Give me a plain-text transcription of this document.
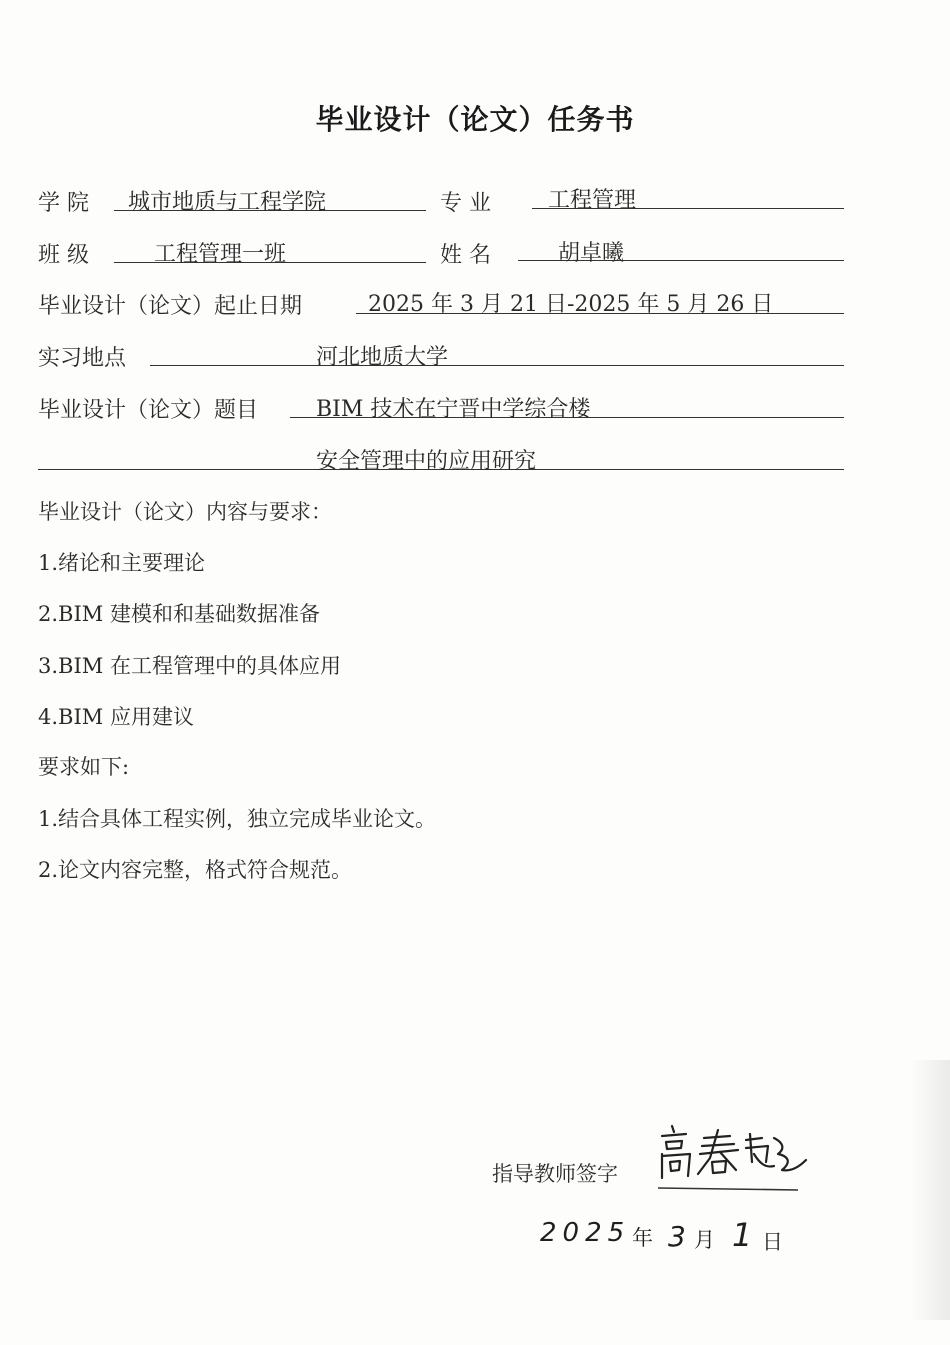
毕业设计（论文）任务书
学 院 城市地质与工程学院	专 业	工程管理
班 级	工程管理一班	姓 名	胡卓曦
毕业设计（论文）起止日期	2025 年 3 月 21 日-2025 年 5 月 26 日
实习地点	河北地质大学
毕业设计（论文）题目	BIM 技术在宁晋中学综合楼
安全管理中的应用研究
毕业设计（论文）内容与要求：
1.绪论和主要理论
2.BIM 建模和和基础数据准备
3.BIM 在工程管理中的具体应用
4.BIM 应用建议
要求如下:
1.结合具体工程实例，独立完成毕业论文。
2.论文内容完整，格式符合规范。
指导教师签字
2025 年 3 月 1 日
